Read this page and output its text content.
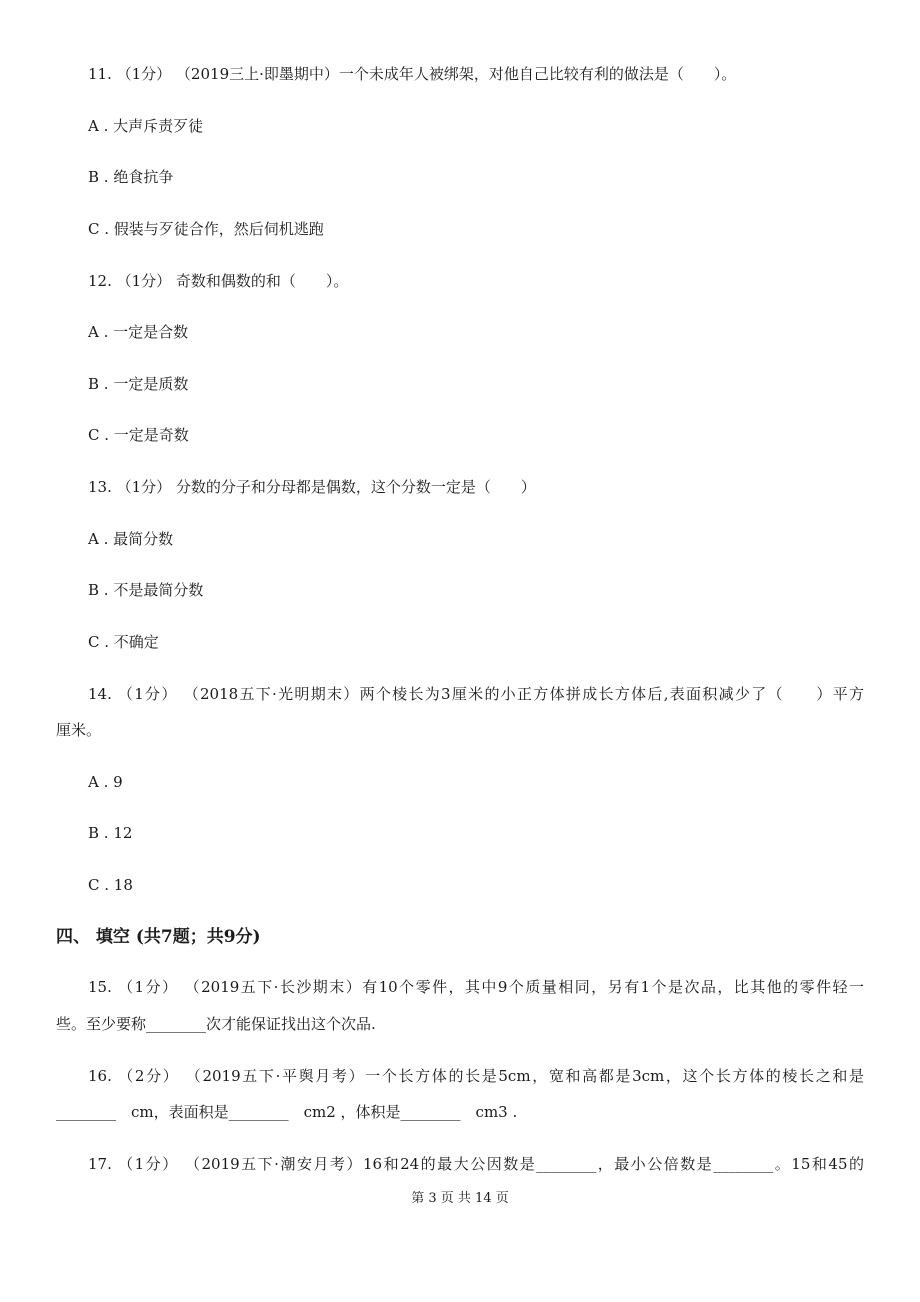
11. （1分） （2019三上·即墨期中）一个未成年人被绑架，对他自己比较有利的做法是（　　）。
A . 大声斥责歹徒
B . 绝食抗争
C . 假装与歹徒合作，然后伺机逃跑
12. （1分） 奇数和偶数的和（　　）。
A . 一定是合数
B . 一定是质数
C . 一定是奇数
13. （1分） 分数的分子和分母都是偶数，这个分数一定是（　　）
A . 最简分数
B . 不是最简分数
C . 不确定
14. （1分） （2018五下·光明期末）两个棱长为3厘米的小正方体拼成长方体后,表面积减少了（　　）平方
厘米。
A . 9
B . 12
C . 18
四、 填空 (共7题；共9分)
15. （1分） （2019五下·长沙期末）有10个零件，其中9个质量相同，另有1个是次品，比其他的零件轻一
些。至少要称________次才能保证找出这个次品.
16. （2分） （2019五下·平舆月考）一个长方体的长是5cm，宽和高都是3cm，这个长方体的棱长之和是
________　cm，表面积是________　cm2 ，体积是________　cm3 .
17. （1分） （2019五下·潮安月考）16和24的最大公因数是________，最小公倍数是________。15和45的
第 3 页 共 14 页
